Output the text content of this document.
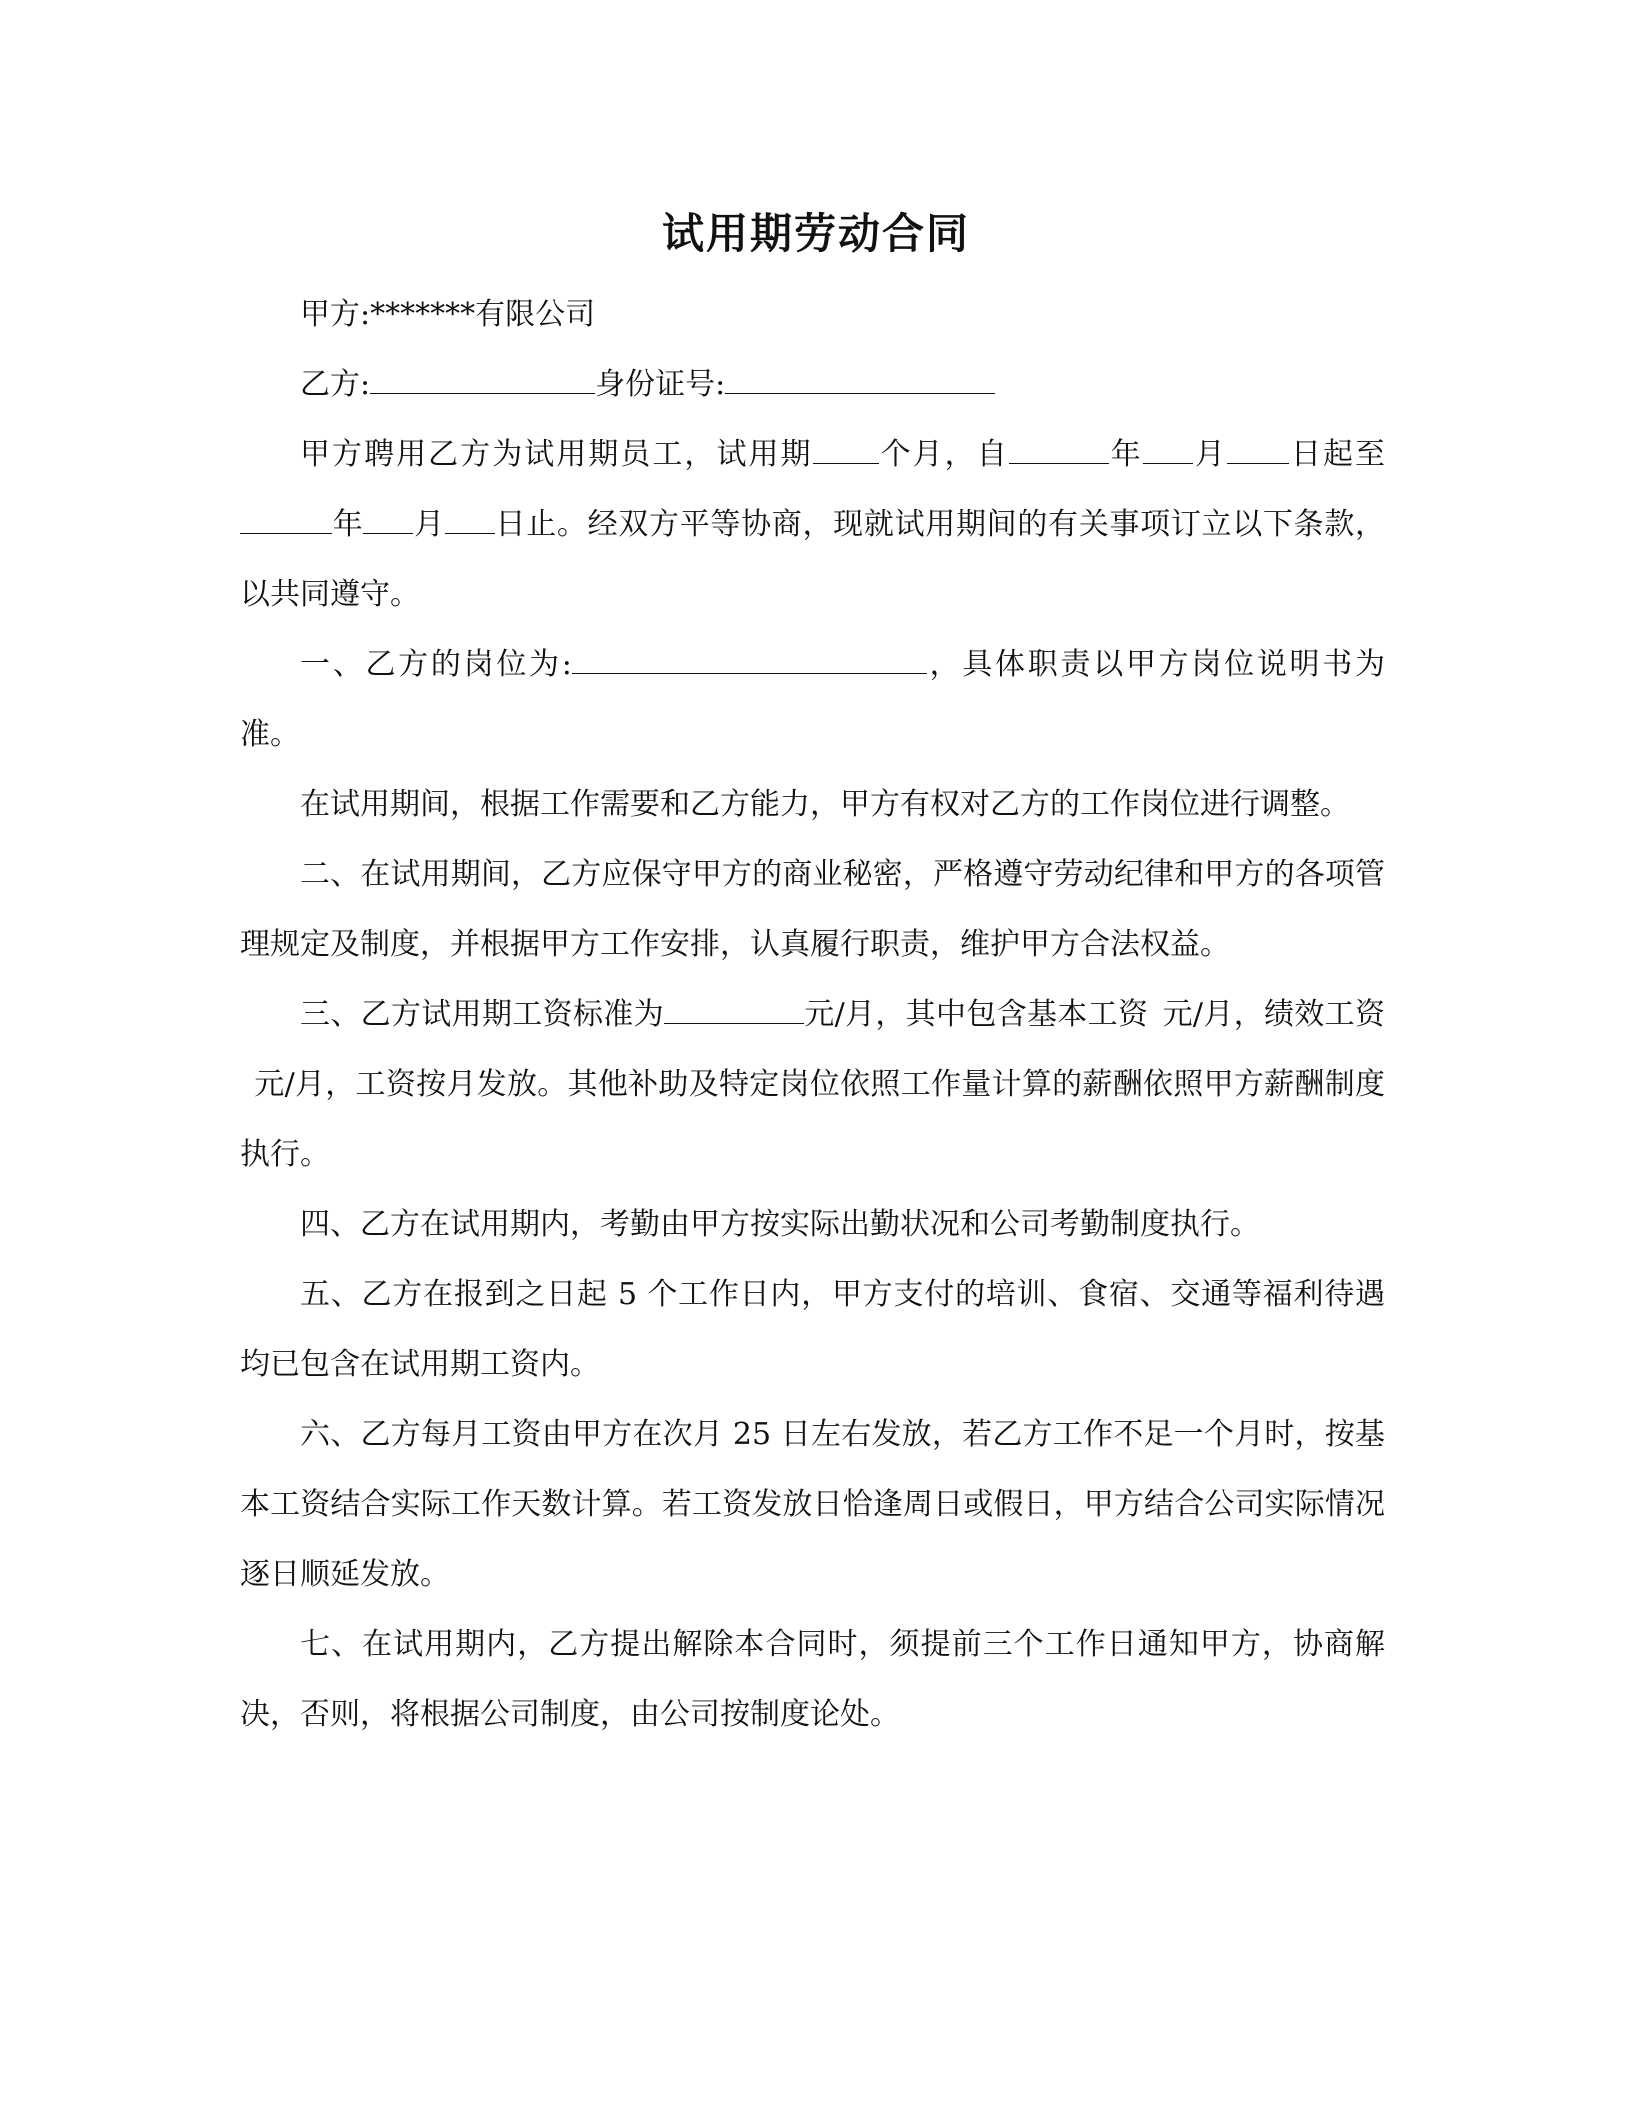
试用期劳动合同

甲方:*******有限公司

乙方:	身份证号:

甲方聘用乙方为试用期员工，试用期 个月，自	年 月 日起至年 月 日止。经双方平等协商，现就试用期间的有关事项订立以下条款，以共同遵守。

一、乙方的岗位为:	，具体职责以甲方岗位说明书为准。

在试用期间，根据工作需要和乙方能力，甲方有权对乙方的工作岗位进行调整。

二、在试用期间，乙方应保守甲方的商业秘密，严格遵守劳动纪律和甲方的各项管理规定及制度，并根据甲方工作安排，认真履行职责，维护甲方合法权益。

三、乙方试用期工资标准为	元/月，其中包含基本工资 元/月，绩效工资元/月，工资按月发放。其他补助及特定岗位依照工作量计算的薪酬依照甲方薪酬制度执行。

四、乙方在试用期内，考勤由甲方按实际出勤状况和公司考勤制度执行。

五、乙方在报到之日起 5 个工作日内，甲方支付的培训、食宿、交通等福利待遇均已包含在试用期工资内。

六、乙方每月工资由甲方在次月 25 日左右发放，若乙方工作不足一个月时，按基本工资结合实际工作天数计算。若工资发放日恰逢周日或假日，甲方结合公司实际情况逐日顺延发放。

七、在试用期内，乙方提出解除本合同时，须提前三个工作日通知甲方，协商解决，否则，将根据公司制度，由公司按制度论处。
